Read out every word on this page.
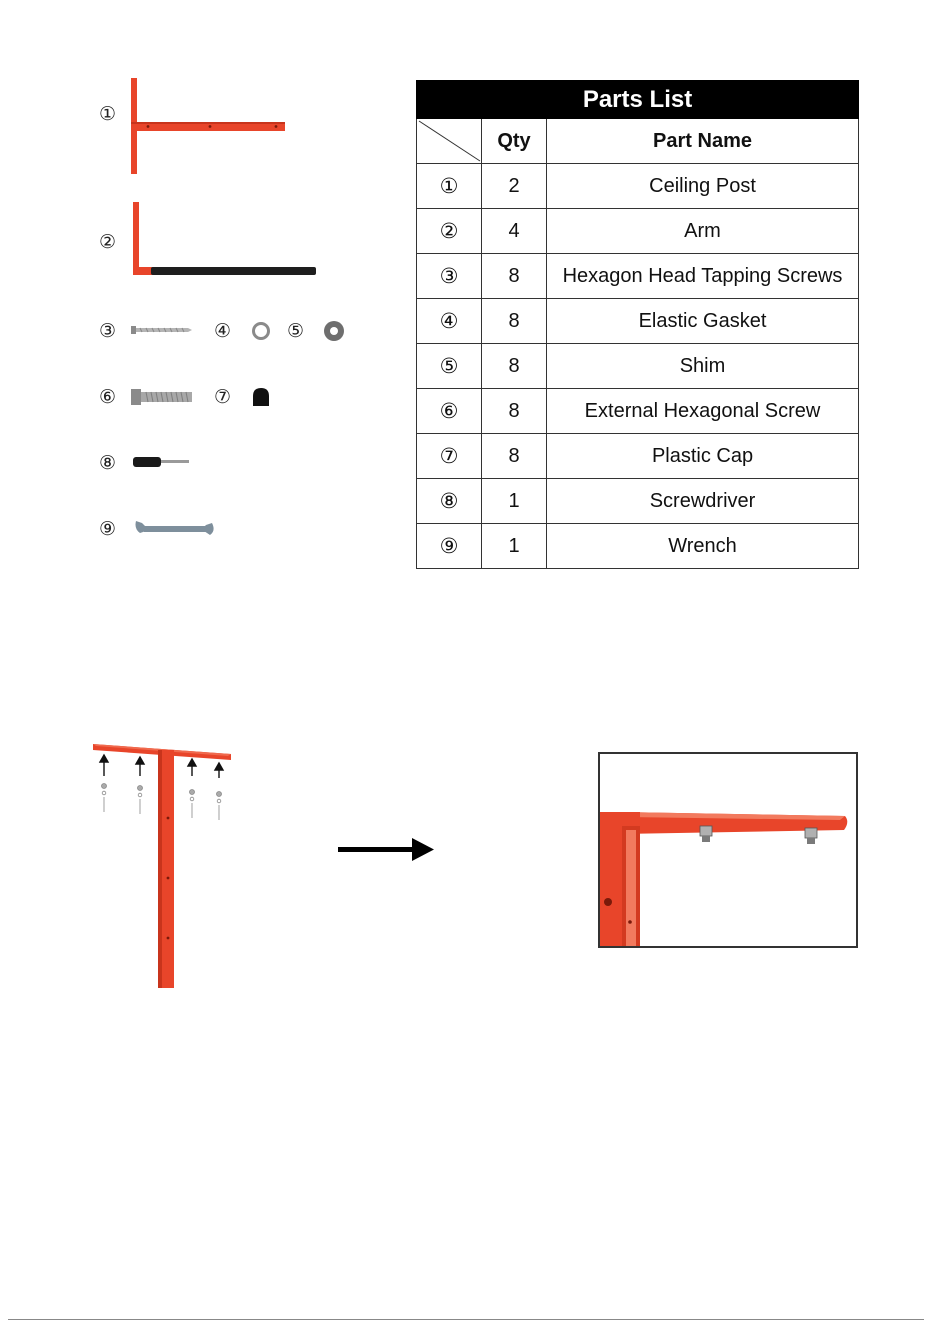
①
②
③	④	⑤
⑥	⑦
⑧
⑨
Parts List		

	Qty	Part Name
①	2	Ceiling Post
②	4	Arm
③	8	Hexagon Head Tapping Screws
④	8	Elastic Gasket
⑤	8	Shim
⑥	8	External Hexagonal Screw
⑦	8	Plastic Cap
⑧	1	Screwdriver
⑨	1	Wrench
